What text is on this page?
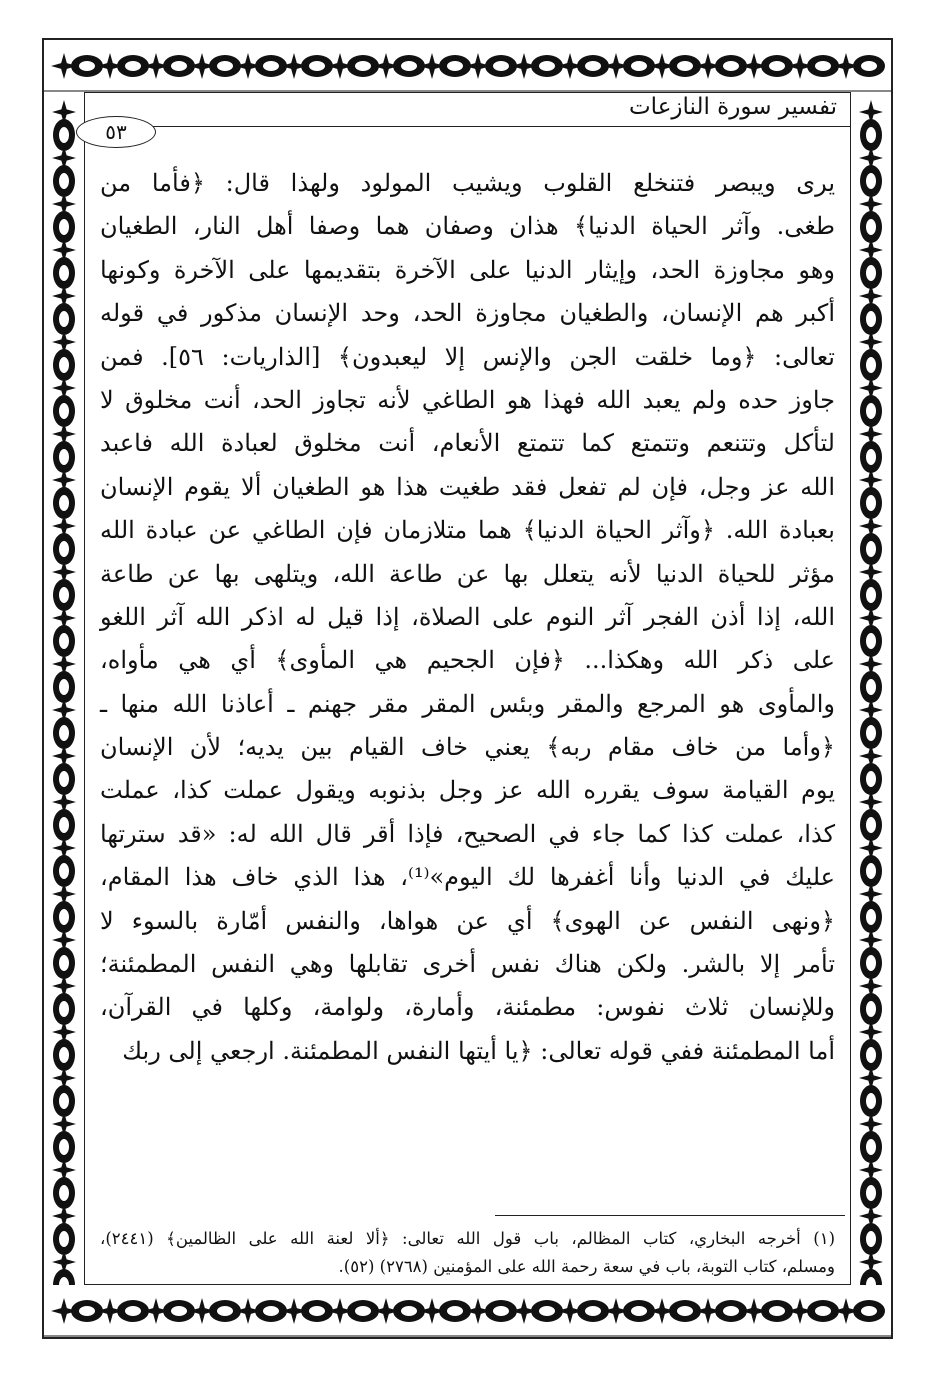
تفسير سورة النازعات
٥٣
يرى ويبصر فتنخلع القلوب ويشيب المولود ولهذا قال: ﴿فأما من
طغى. وآثر الحياة الدنيا﴾ هذان وصفان هما وصفا أهل النار، الطغيان
وهو مجاوزة الحد، وإيثار الدنيا على الآخرة بتقديمها على الآخرة وكونها
أكبر هم الإنسان، والطغيان مجاوزة الحد، وحد الإنسان مذكور في قوله
تعالى: ﴿وما خلقت الجن والإنس إلا ليعبدون﴾ [الذاريات: ٥٦]. فمن
جاوز حده ولم يعبد الله فهذا هو الطاغي لأنه تجاوز الحد، أنت مخلوق لا
لتأكل وتتنعم وتتمتع كما تتمتع الأنعام، أنت مخلوق لعبادة الله فاعبد
الله عز وجل، فإن لم تفعل فقد طغيت هذا هو الطغيان ألا يقوم الإنسان
بعبادة الله. ﴿وآثر الحياة الدنيا﴾ هما متلازمان فإن الطاغي عن عبادة الله
مؤثر للحياة الدنيا لأنه يتعلل بها عن طاعة الله، ويتلهى بها عن طاعة
الله، إذا أذن الفجر آثر النوم على الصلاة، إذا قيل له اذكر الله آثر اللغو
على ذكر الله وهكذا... ﴿فإن الجحيم هي المأوى﴾ أي هي مأواه،
والمأوى هو المرجع والمقر وبئس المقر مقر جهنم ـ أعاذنا الله منها ـ
﴿وأما من خاف مقام ربه﴾ يعني خاف القيام بين يديه؛ لأن الإنسان
يوم القيامة سوف يقرره الله عز وجل بذنوبه ويقول عملت كذا، عملت
كذا، عملت كذا كما جاء في الصحيح، فإذا أقر قال الله له: «قد سترتها
عليك في الدنيا وأنا أغفرها لك اليوم»⁽¹⁾، هذا الذي خاف هذا المقام،
﴿ونهى النفس عن الهوى﴾ أي عن هواها، والنفس أمّارة بالسوء لا
تأمر إلا بالشر. ولكن هناك نفس أخرى تقابلها وهي النفس المطمئنة؛
وللإنسان ثلاث نفوس: مطمئنة، وأمارة، ولوامة، وكلها في القرآن،
أما المطمئنة ففي قوله تعالى: ﴿يا أيتها النفس المطمئنة. ارجعي إلى ربك
(١) أخرجه البخاري، كتاب المظالم، باب قول الله تعالى: ﴿ألا لعنة الله على الظالمين﴾ (٢٤٤١)،
ومسلم، كتاب التوبة، باب في سعة رحمة الله على المؤمنين (٢٧٦٨) (٥٢).
